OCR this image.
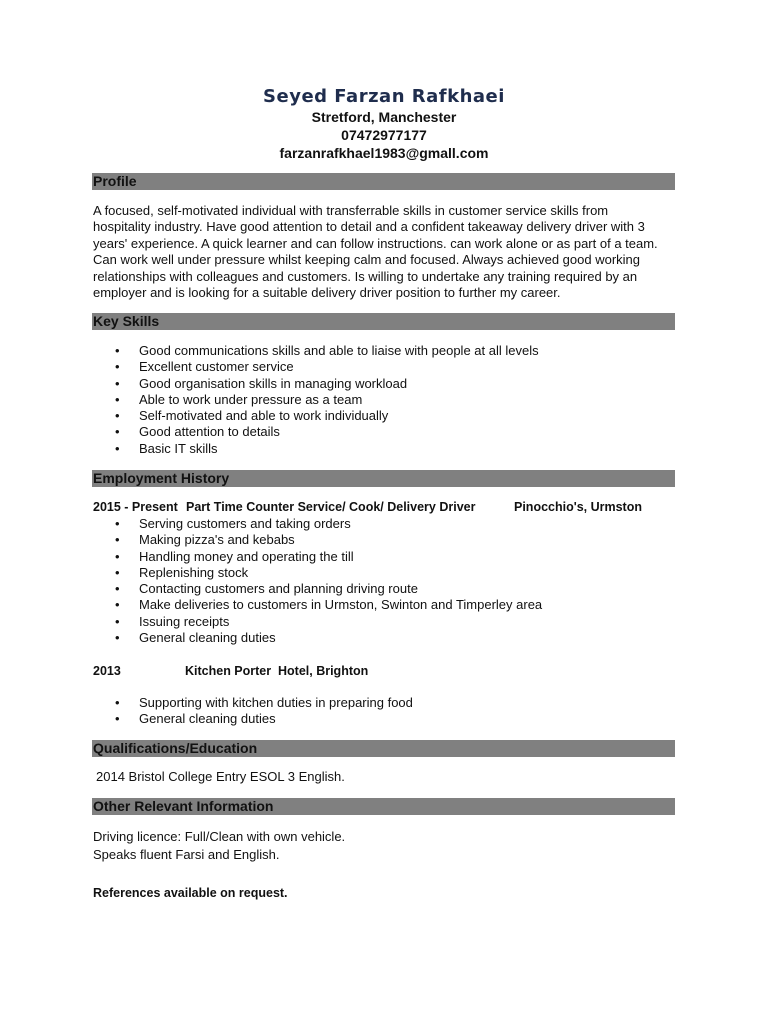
Seyed Farzan Rafkhaei
Stretford, Manchester
07472977177
farzanrafkhael1983@gmall.com
Profile
A focused, self-motivated individual with transferrable skills in customer service skills from
hospitality industry. Have good attention to detail and a confident takeaway delivery driver with 3
years' experience. A quick learner and can follow instructions. can work alone or as part of a team.
Can work well under pressure whilst keeping calm and focused. Always achieved good working
relationships with colleagues and customers. Is willing to undertake any training required by an
employer and is looking for a suitable delivery driver position to further my career.
Key Skills
• Good communications skills and able to liaise with people at all levels
• Excellent customer service
• Good organisation skills in managing workload
• Able to work under pressure as a team
• Self-motivated and able to work individually
• Good attention to details
• Basic IT skills
Employment History
2015 - Present Part Time Counter Service/ Cook/ Delivery Driver	Pinocchio's, Urmston
• Serving customers and taking orders
• Making pizza's and kebabs
• Handling money and operating the till
• Replenishing stock
• Contacting customers and planning driving route
• Make deliveries to customers in Urmston, Swinton and Timperley area
• Issuing receipts
• General cleaning duties
2013	Kitchen Porter Hotel, Brighton
• Supporting with kitchen duties in preparing food
• General cleaning duties
Qualifications/Education
2014 Bristol College Entry ESOL 3 English.
Other Relevant Information
Driving licence: Full/Clean with own vehicle.
Speaks fluent Farsi and English.
References available on request.
